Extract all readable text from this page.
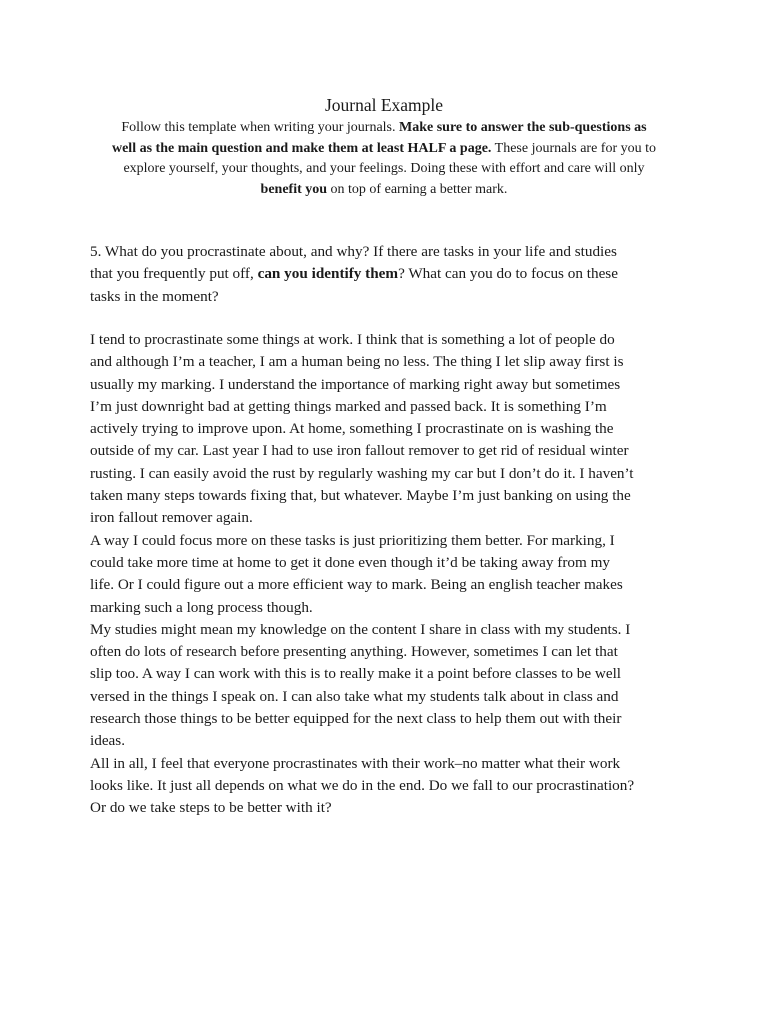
Journal Example
Follow this template when writing your journals. Make sure to answer the sub-questions as
well as the main question and make them at least HALF a page. These journals are for you to
explore yourself, your thoughts, and your feelings. Doing these with effort and care will only
benefit you on top of earning a better mark.
5. What do you procrastinate about, and why? If there are tasks in your life and studies
that you frequently put off, can you identify them? What can you do to focus on these
tasks in the moment?

I tend to procrastinate some things at work. I think that is something a lot of people do
and although I’m a teacher, I am a human being no less. The thing I let slip away first is
usually my marking. I understand the importance of marking right away but sometimes
I’m just downright bad at getting things marked and passed back. It is something I’m
actively trying to improve upon. At home, something I procrastinate on is washing the
outside of my car. Last year I had to use iron fallout remover to get rid of residual winter
rusting. I can easily avoid the rust by regularly washing my car but I don’t do it. I haven’t
taken many steps towards fixing that, but whatever. Maybe I’m just banking on using the
iron fallout remover again.

A way I could focus more on these tasks is just prioritizing them better. For marking, I
could take more time at home to get it done even though it’d be taking away from my
life. Or I could figure out a more efficient way to mark. Being an english teacher makes
marking such a long process though.

My studies might mean my knowledge on the content I share in class with my students. I
often do lots of research before presenting anything. However, sometimes I can let that
slip too. A way I can work with this is to really make it a point before classes to be well
versed in the things I speak on. I can also take what my students talk about in class and
research those things to be better equipped for the next class to help them out with their
ideas.

All in all, I feel that everyone procrastinates with their work–no matter what their work
looks like. It just all depends on what we do in the end. Do we fall to our procrastination?
Or do we take steps to be better with it?
